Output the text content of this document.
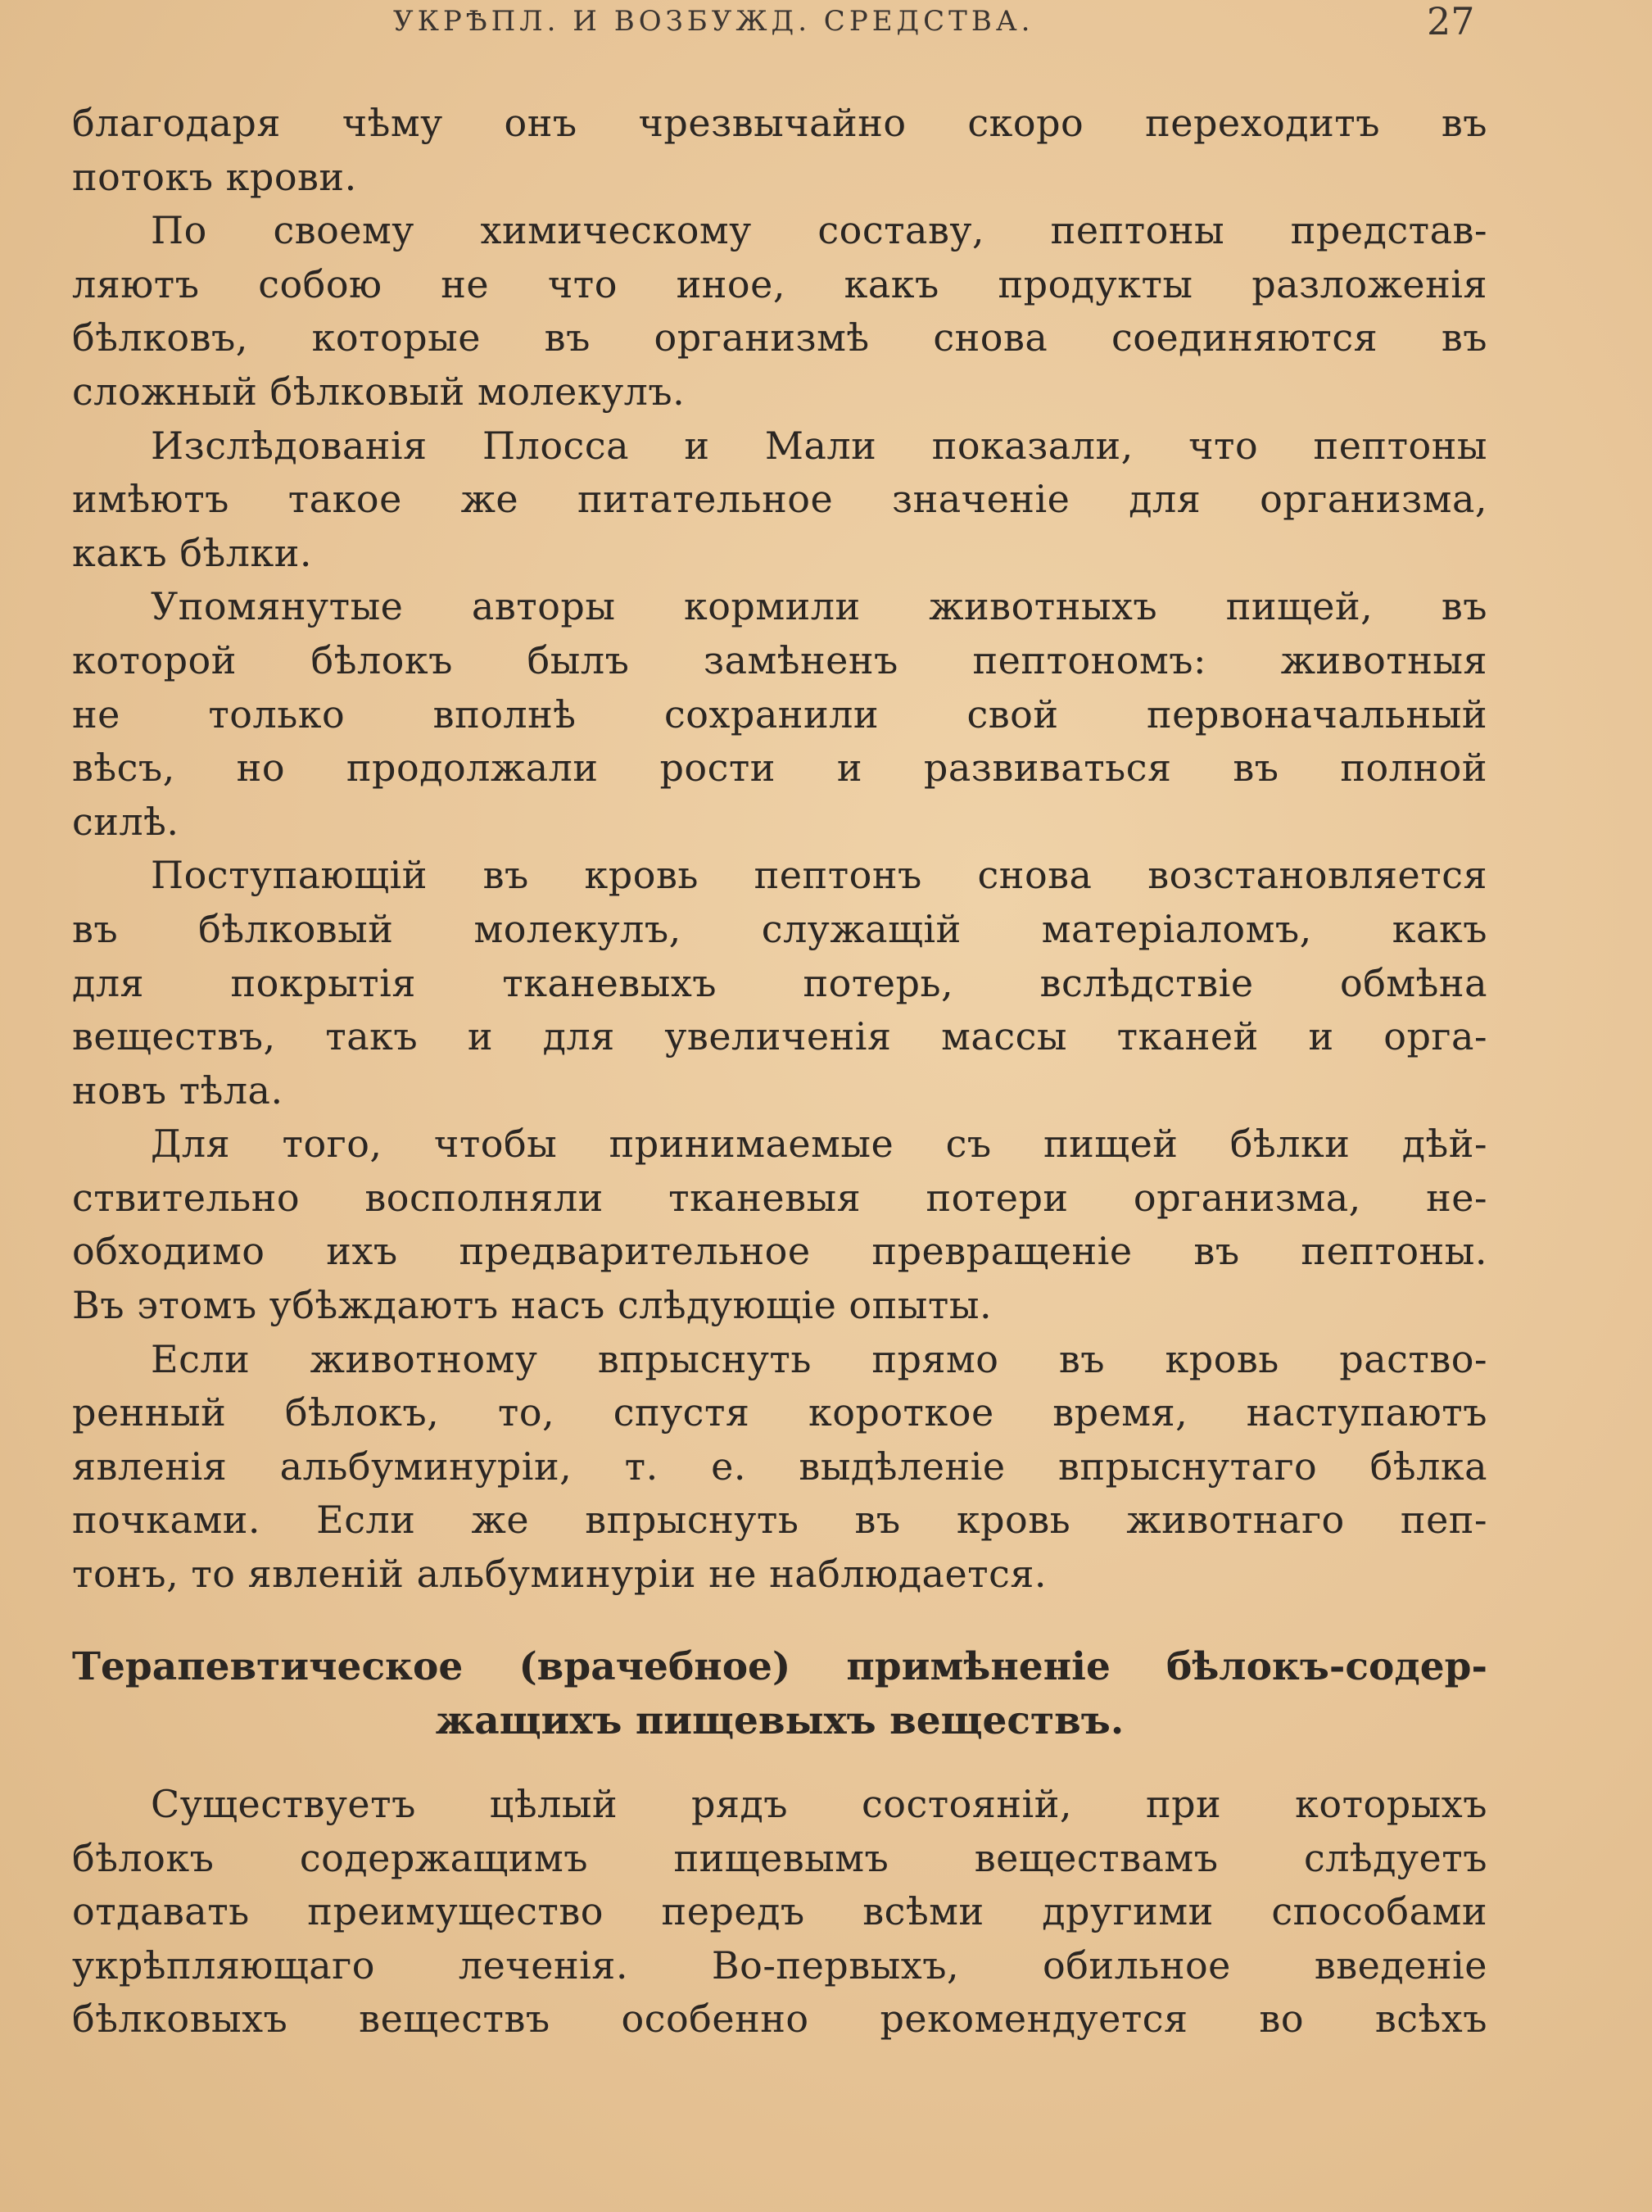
УКРѢПЛ. И ВОЗБУЖД. СРЕДСТВА.	27
благодаря чѣму онъ чрезвычайно скоро переходитъ въ
потокъ крови.
По своему химическому составу, пептоны представ-
ляютъ собою не что иное, какъ продукты разложенія
бѣлковъ, которые въ организмѣ снова соединяются въ
сложный бѣлковый молекулъ.
Изслѣдованія Плосса и Мали показали, что пептоны
имѣютъ такое же питательное значеніе для организма,
какъ бѣлки.
Упомянутые авторы кормили животныхъ пищей, въ
которой бѣлокъ былъ замѣненъ пептономъ: животныя
не только вполнѣ сохранили свой первоначальный
вѣсъ, но продолжали рости и развиваться въ полной
силѣ.
Поступающій въ кровь пептонъ снова возстановляется
въ бѣлковый молекулъ, служащій матеріаломъ, какъ
для покрытія тканевыхъ потерь, вслѣдствіе обмѣна
веществъ, такъ и для увеличенія массы тканей и орга-
новъ тѣла.
Для того, чтобы принимаемые съ пищей бѣлки дѣй-
ствительно восполняли тканевыя потери организма, не-
обходимо ихъ предварительное превращеніе въ пептоны.
Въ этомъ убѣждаютъ насъ слѣдующіе опыты.
Если животному впрыснуть прямо въ кровь раство-
ренный бѣлокъ, то, спустя короткое время, наступаютъ
явленія альбуминуріи, т. е. выдѣленіе впрыснутаго бѣлка
почками. Если же впрыснуть въ кровь животнаго пеп-
тонъ, то явленій альбуминуріи не наблюдается.
Терапевтическое (врачебное) примѣненіе бѣлокъ-содер-
жащихъ пищевыхъ веществъ.
Существуетъ цѣлый рядъ состояній, при которыхъ
бѣлокъ содержащимъ пищевымъ веществамъ слѣдуетъ
отдавать преимущество передъ всѣми другими способами
укрѣпляющаго леченія. Во-первыхъ, обильное введеніе
бѣлковыхъ веществъ особенно рекомендуется во всѣхъ
